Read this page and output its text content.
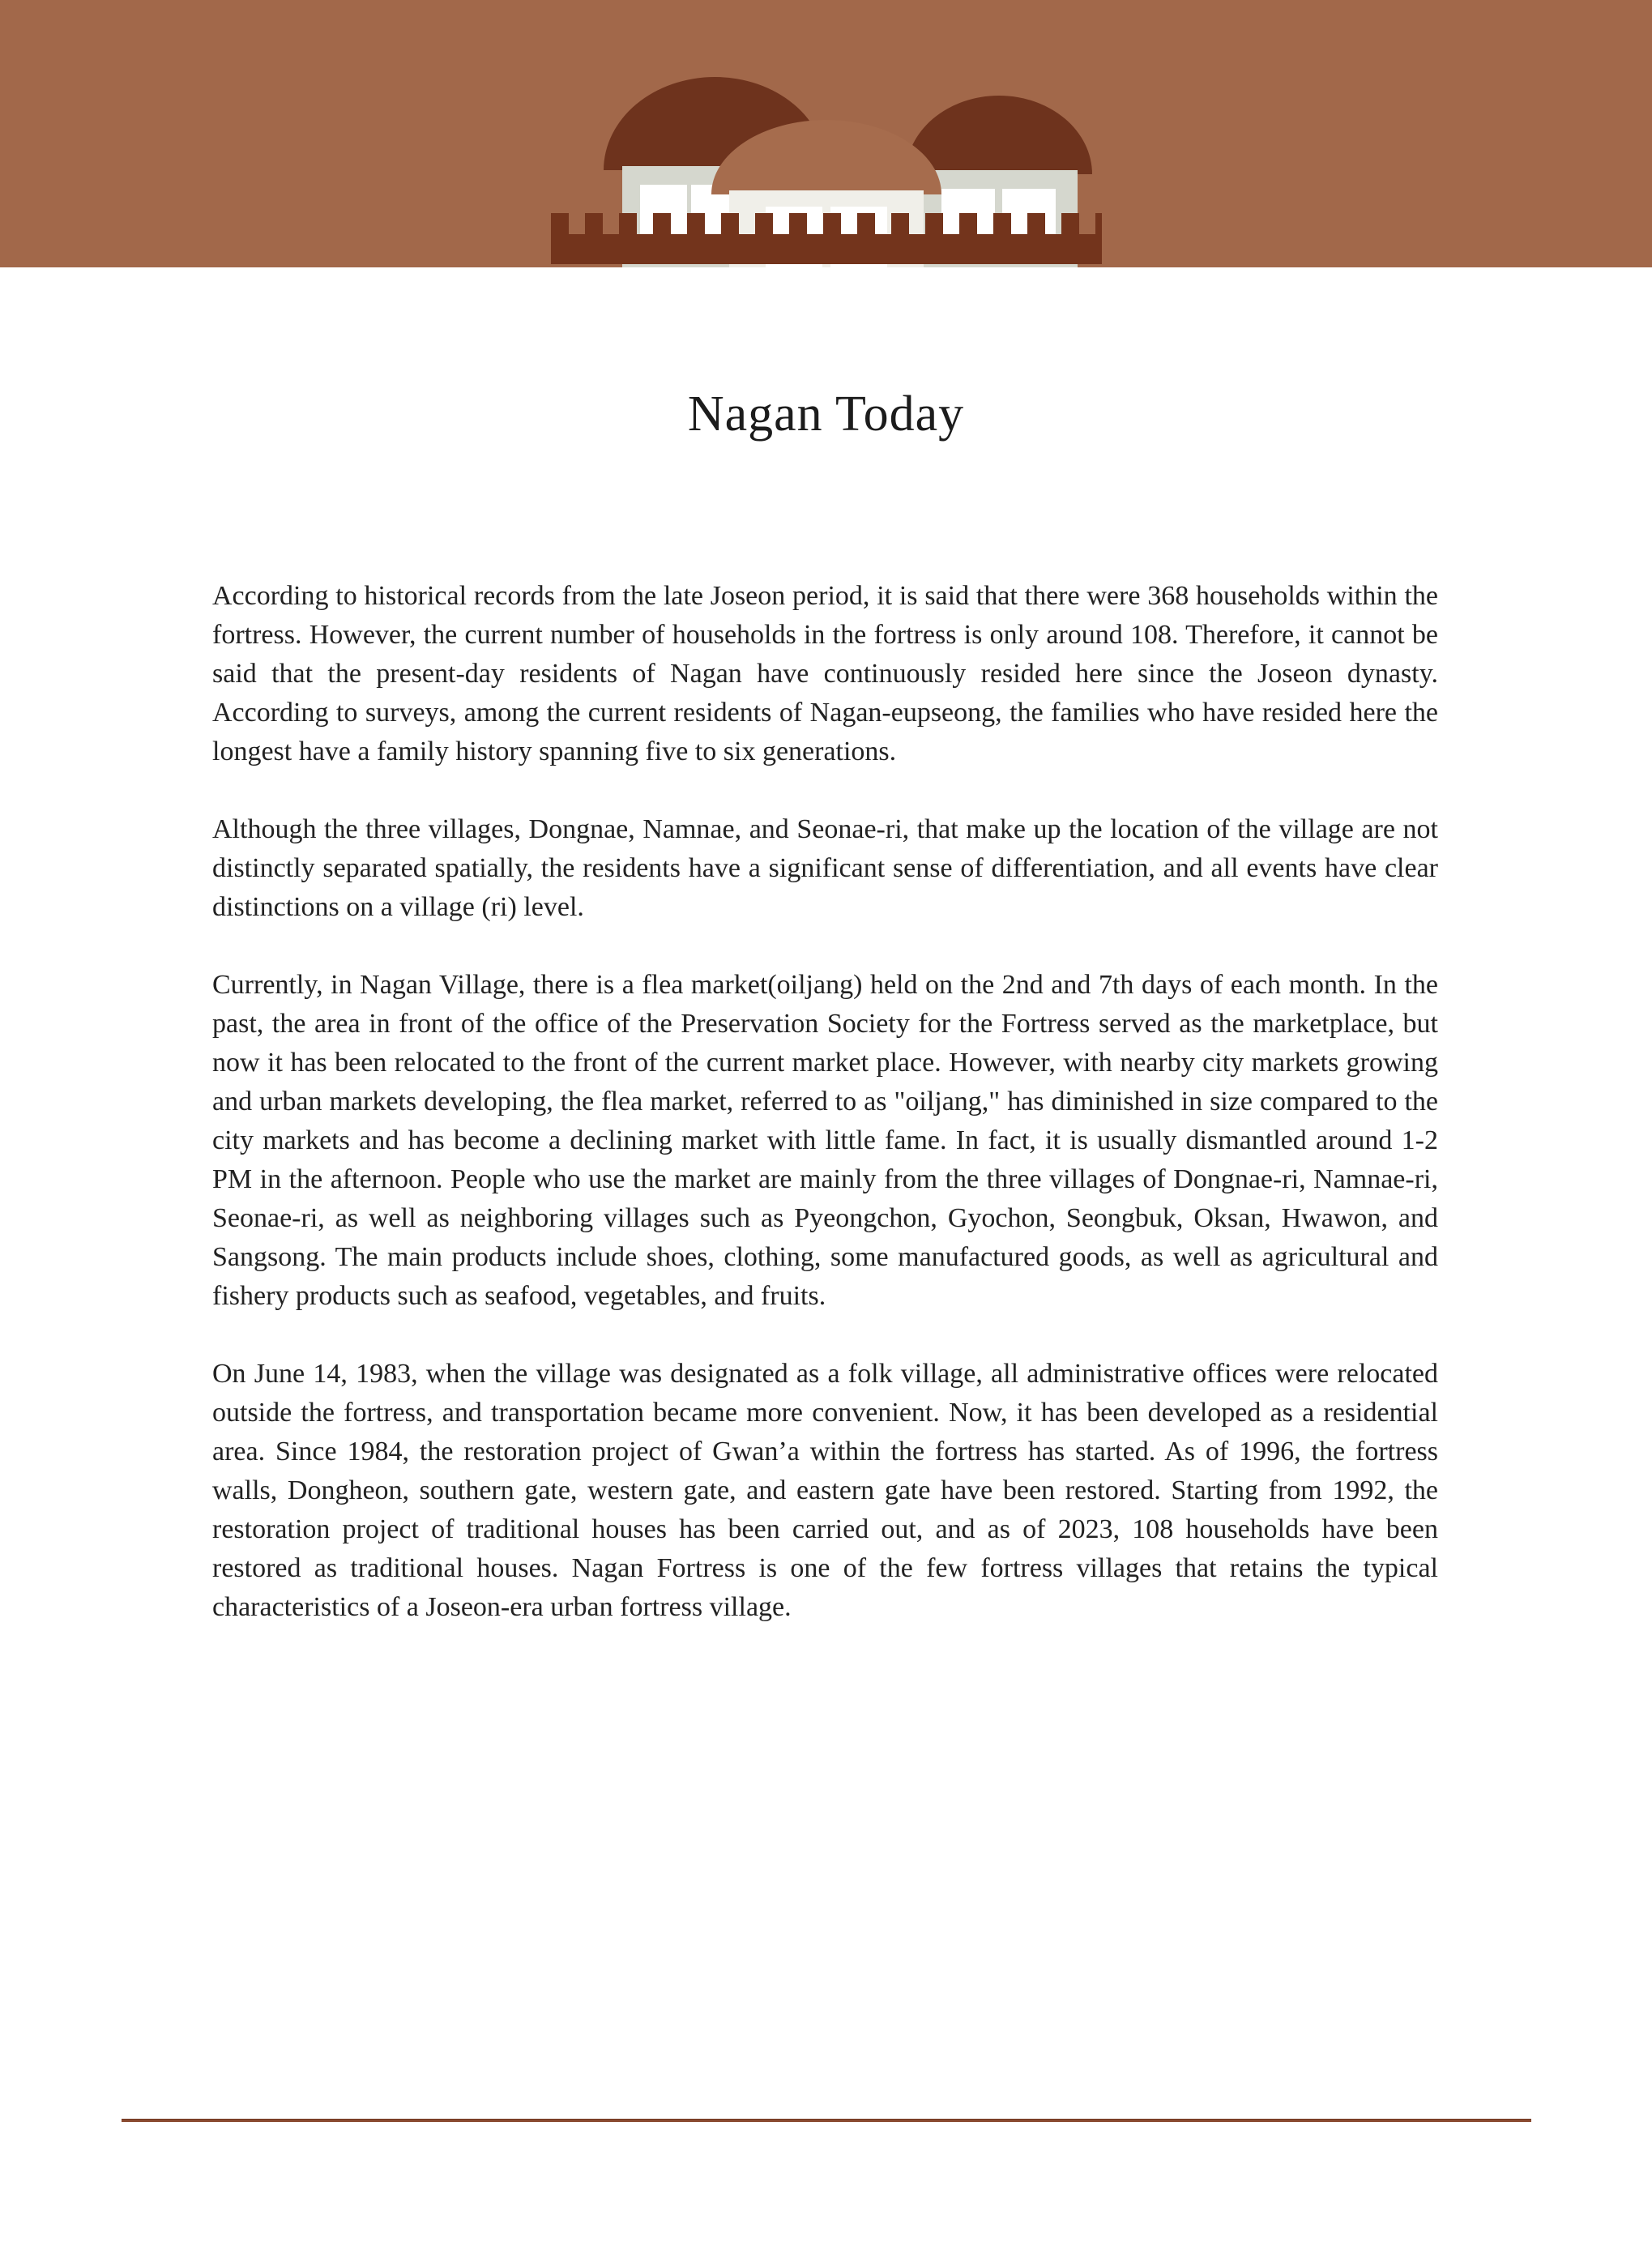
Nagan Today

According to historical records from the late Joseon period, it is said that there were 368 households within the fortress. However, the current number of households in the fortress is only around 108. Therefore, it cannot be said that the present-day residents of Nagan have continuously resided here since the Joseon dynasty. According to surveys, among the current residents of Nagan-eupseong, the families who have resided here the longest have a family history spanning five to six generations.

Although the three villages, Dongnae, Namnae, and Seonae-ri, that make up the location of the village are not distinctly separated spatially, the residents have a significant sense of differentiation, and all events have clear distinctions on a village (ri) level.

Currently, in Nagan Village, there is a flea market(oiljang) held on the 2nd and 7th days of each month. In the past, the area in front of the office of the Preservation Society for the Fortress served as the marketplace, but now it has been relocated to the front of the current market place. However, with nearby city markets growing and urban markets developing, the flea market, referred to as "oiljang," has diminished in size compared to the city markets and has become a declining market with little fame. In fact, it is usually dismantled around 1-2 PM in the afternoon. People who use the market are mainly from the three villages of Dongnae-ri, Namnae-ri, Seonae-ri, as well as neighboring villages such as Pyeongchon, Gyochon, Seongbuk, Oksan, Hwawon, and Sangsong. The main products include shoes, clothing, some manufactured goods, as well as agricultural and fishery products such as seafood, vegetables, and fruits.

On June 14, 1983, when the village was designated as a folk village, all administrative offices were relocated outside the fortress, and transportation became more convenient. Now, it has been developed as a residential area. Since 1984, the restoration project of Gwan’a within the fortress has started. As of 1996, the fortress walls, Dongheon, southern gate, western gate, and eastern gate have been restored. Starting from 1992, the restoration project of traditional houses has been carried out, and as of 2023, 108 households have been restored as traditional houses. Nagan Fortress is one of the few fortress villages that retains the typical characteristics of a Joseon-era urban fortress village.
